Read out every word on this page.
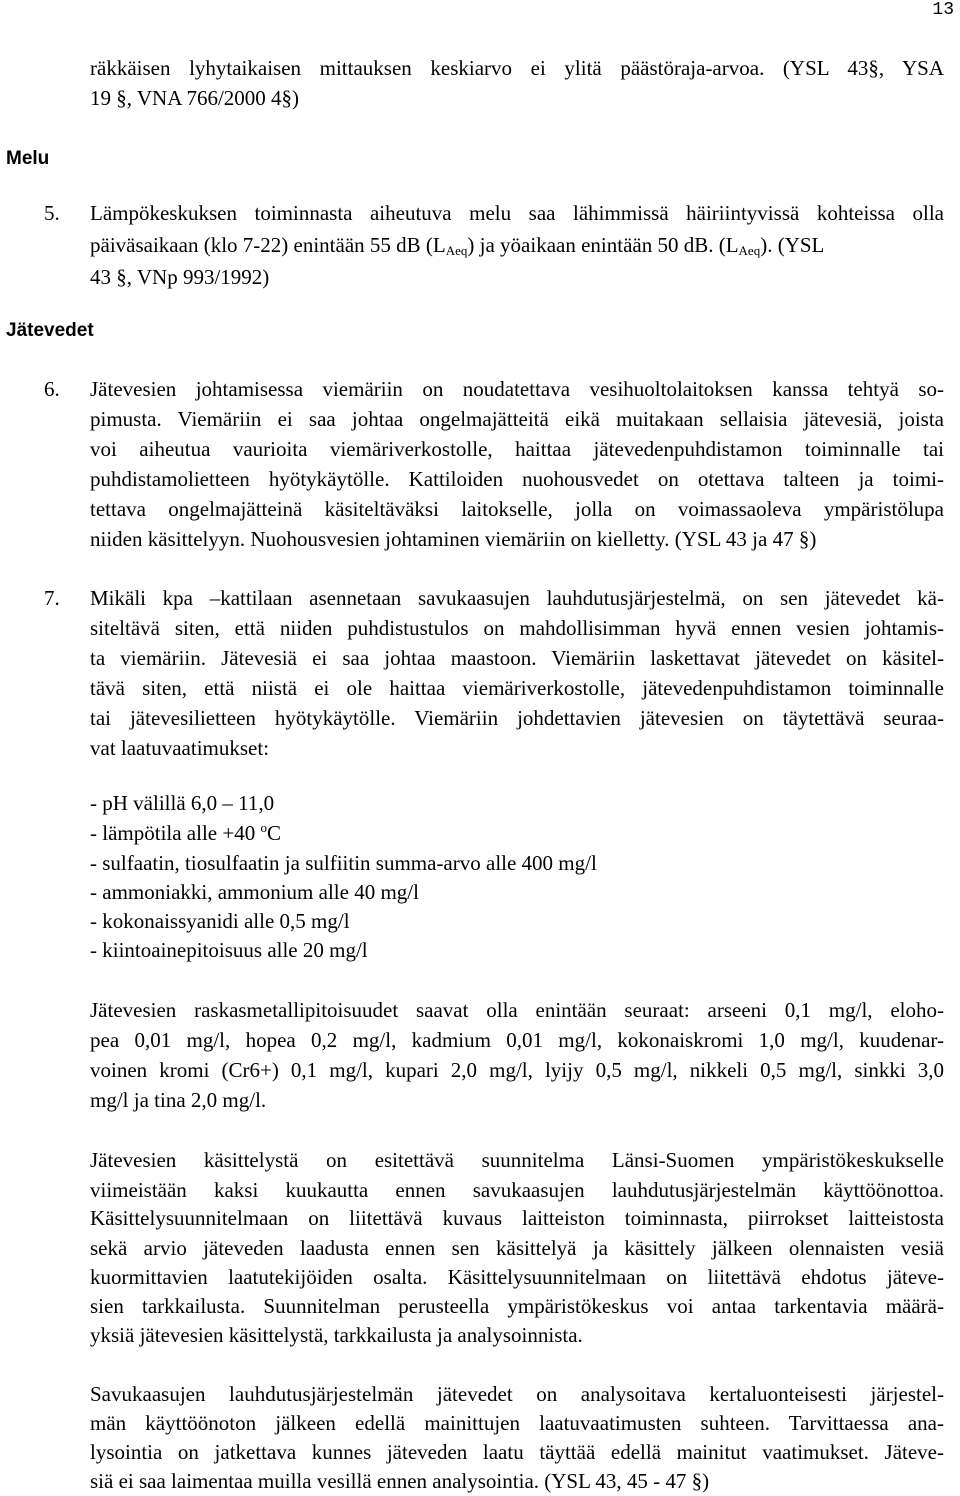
13
räkkäisen lyhytaikaisen mittauksen keskiarvo ei ylitä päästöraja-arvoa. (YSL 43§, YSA
19 §, VNA 766/2000 4§)
Melu
5. Lämpökeskuksen toiminnasta aiheutuva melu saa lähimmissä häiriintyvissä kohteissa olla
päiväsaikaan (klo 7-22) enintään 55 dB $(L_{Aeq})$ ja yöaikaan enintään 50 dB. $(L_{Aeq})$. (YSL
43 §, VNp 993/1992)
Jätevedet
6. Jätevesien johtamisessa viemäriin on noudatettava vesihuoltolaitoksen kanssa tehtyä so-
pimusta. Viemäriin ei saa johtaa ongelmajätteitä eikä muitakaan sellaisia jätevesiä, joista
voi aiheutua vaurioita viemäriverkostolle, haittaa jätevedenpuhdistamon toiminnalle tai
puhdistamolietteen hyötykäytölle. Kattiloiden nuohousvedet on otettava talteen ja toimi-
tettava ongelmajätteinä käsiteltäväksi laitokselle, jolla on voimassaoleva ympäristölupa
niiden käsittelyyn. Nuohousvesien johtaminen viemäriin on kielletty. (YSL 43 ja 47 §)
7. Mikäli kpa –kattilaan asennetaan savukaasujen lauhdutusjärjestelmä, on sen jätevedet kä-
siteltävä siten, että niiden puhdistustulos on mahdollisimman hyvä ennen vesien johtamis-
ta viemäriin. Jätevesiä ei saa johtaa maastoon. Viemäriin laskettavat jätevedet on käsitel-
tävä siten, että niistä ei ole haittaa viemäriverkostolle, jätevedenpuhdistamon toiminnalle
tai jätevesilietteen hyötykäytölle. Viemäriin johdettavien jätevesien on täytettävä seuraa-
vat laatuvaatimukset:
- pH välillä 6,0 – 11,0
- lämpötila alle +40 $^o$C
- sulfaatin, tiosulfaatin ja sulfiitin summa-arvo alle 400 mg/l
- ammoniakki, ammonium alle 40 mg/l
- kokonaissyanidi alle 0,5 mg/l
- kiintoainepitoisuus alle 20 mg/l
Jätevesien raskasmetallipitoisuudet saavat olla enintään seuraat: arseeni 0,1 mg/l, eloho-
pea 0,01 mg/l, hopea 0,2 mg/l, kadmium 0,01 mg/l, kokonaiskromi 1,0 mg/l, kuudenar-
voinen kromi (Cr6+) 0,1 mg/l, kupari 2,0 mg/l, lyijy 0,5 mg/l, nikkeli 0,5 mg/l, sinkki 3,0
mg/l ja tina 2,0 mg/l.
Jätevesien käsittelystä on esitettävä suunnitelma Länsi-Suomen ympäristökeskukselle
viimeistään kaksi kuukautta ennen savukaasujen lauhdutusjärjestelmän käyttöönottoa.
Käsittelysuunnitelmaan on liitettävä kuvaus laitteiston toiminnasta, piirrokset laitteistosta
sekä arvio jäteveden laadusta ennen sen käsittelyä ja käsittely jälkeen olennaisten vesiä
kuormittavien laatutekijöiden osalta. Käsittelysuunnitelmaan on liitettävä ehdotus jäteve-
sien tarkkailusta. Suunnitelman perusteella ympäristökeskus voi antaa tarkentavia määrä-
yksiä jätevesien käsittelystä, tarkkailusta ja analysoinnista.
Savukaasujen lauhdutusjärjestelmän jätevedet on analysoitava kertaluonteisesti järjestel-
män käyttöönoton jälkeen edellä mainittujen laatuvaatimusten suhteen. Tarvittaessa ana-
lysointia on jatkettava kunnes jäteveden laatu täyttää edellä mainitut vaatimukset. Jäteve-
siä ei saa laimentaa muilla vesillä ennen analysointia. (YSL 43, 45 - 47 §)
